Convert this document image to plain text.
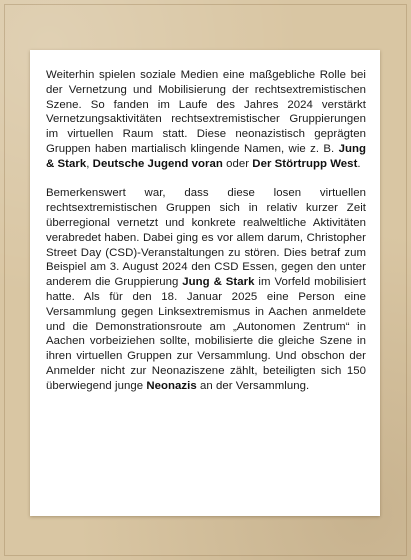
Weiterhin spielen soziale Medien eine maßgebliche Rolle bei der Vernetzung und Mobilisierung der rechtsextremistischen Szene. So fanden im Laufe des Jahres 2024 verstärkt Vernetzungsaktivitäten rechtsextremistischer Gruppierungen im virtuellen Raum statt. Diese neonazistisch geprägten Gruppen haben martialisch klingende Namen, wie z. B. Jung & Stark, Deutsche Jugend voran oder Der Störtrupp West.

Bemerkenswert war, dass diese losen virtuellen rechtsextremistischen Gruppen sich in relativ kurzer Zeit überregional vernetzt und konkrete realweltliche Aktivitäten verabredet haben. Dabei ging es vor allem darum, Christopher Street Day (CSD)-Veranstaltungen zu stören. Dies betraf zum Beispiel am 3. August 2024 den CSD Essen, gegen den unter anderem die Gruppierung Jung & Stark im Vorfeld mobilisiert hatte. Als für den 18. Januar 2025 eine Person eine Versammlung gegen Linksextremismus in Aachen anmeldete und die Demonstrationsroute am „Autonomen Zentrum“ in Aachen vorbeiziehen sollte, mobilisierte die gleiche Szene in ihren virtuellen Gruppen zur Versammlung. Und obschon der Anmelder nicht zur Neonaziszene zählt, beteiligten sich 150 überwiegend junge Neonazis an der Versammlung.
